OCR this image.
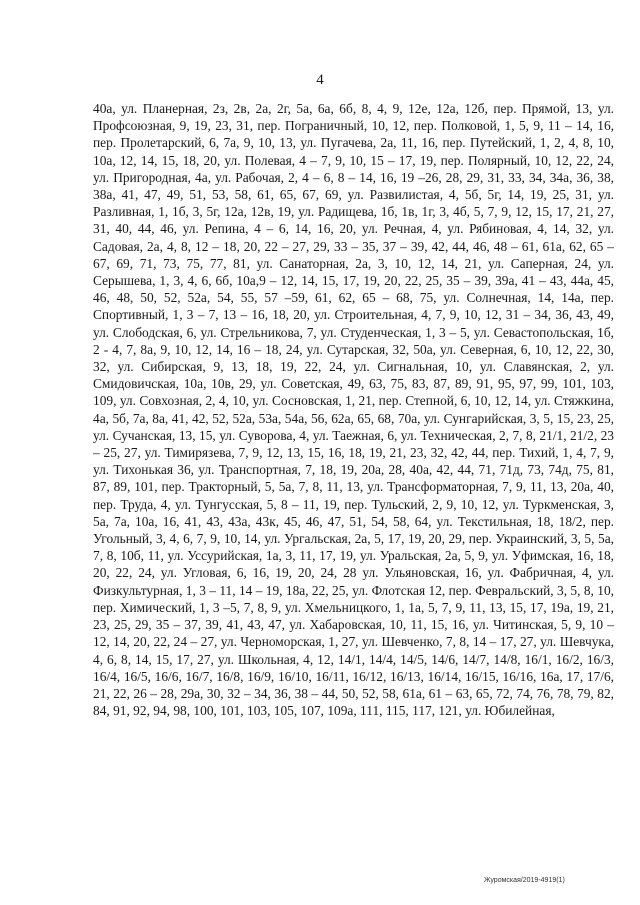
4

40а, ул. Планерная, 2з, 2в, 2а, 2г, 5а, 6а, 6б, 8, 4, 9, 12е, 12а, 12б, пер. Прямой, 13, ул. Профсоюзная, 9, 19, 23, 31, пер. Пограничный, 10, 12, пер. Полковой, 1, 5, 9, 11 – 14, 16, пер. Пролетарский, 6, 7а, 9, 10, 13, ул. Пугачева, 2а, 11, 16, пер. Путейский, 1, 2, 4, 8, 10, 10а, 12, 14, 15, 18, 20, ул. Полевая, 4 – 7, 9, 10, 15 – 17, 19, пер. Полярный, 10, 12, 22, 24, ул. Пригородная, 4а, ул. Рабочая, 2, 4 – 6, 8 – 14, 16, 19 –26, 28, 29, 31, 33, 34, 34а, 36, 38, 38а, 41, 47, 49, 51, 53, 58, 61, 65, 67, 69, ул. Развилистая, 4, 5б, 5г, 14, 19, 25, 31, ул. Разливная, 1, 1б, 3, 5г, 12а, 12в, 19, ул. Радищева, 1б, 1в, 1г, 3, 4б, 5, 7, 9, 12, 15, 17, 21, 27, 31, 40, 44, 46, ул. Репина, 4 – 6, 14, 16, 20, ул. Речная, 4, ул. Рябиновая, 4, 14, 32, ул. Садовая, 2а, 4, 8, 12 – 18, 20, 22 – 27, 29, 33 – 35, 37 – 39, 42, 44, 46, 48 – 61, 61а, 62, 65 – 67, 69, 71, 73, 75, 77, 81, ул. Санаторная, 2а, 3, 10, 12, 14, 21, ул. Саперная, 24, ул. Серышева, 1, 3, 4, 6, 6б, 10а,9 – 12, 14, 15, 17, 19, 20, 22, 25, 35 – 39, 39а, 41 – 43, 44а, 45, 46, 48, 50, 52, 52а, 54, 55, 57 –59, 61, 62, 65 – 68, 75, ул. Солнечная, 14, 14а, пер. Спортивный, 1, 3 – 7, 13 – 16, 18, 20, ул. Строительная, 4, 7, 9, 10, 12, 31 – 34, 36, 43, 49, ул. Слободская, 6, ул. Стрельникова, 7, ул. Студенческая, 1, 3 – 5, ул. Севастопольская, 1б, 2 - 4, 7, 8а, 9, 10, 12, 14, 16 – 18, 24, ул. Сутарская, 32, 50а, ул. Северная, 6, 10, 12, 22, 30, 32, ул. Сибирская, 9, 13, 18, 19, 22, 24, ул. Сигнальная, 10, ул. Славянская, 2, ул. Смидовичская, 10а, 10в, 29, ул. Советская, 49, 63, 75, 83, 87, 89, 91, 95, 97, 99, 101, 103, 109, ул. Совхозная, 2, 4, 10, ул. Сосновская, 1, 21, пер. Степной, 6, 10, 12, 14, ул. Стяжкина, 4а, 5б, 7а, 8а, 41, 42, 52, 52а, 53а, 54а, 56, 62а, 65, 68, 70а, ул. Сунгарийская, 3, 5, 15, 23, 25, ул. Сучанская, 13, 15, ул. Суворова, 4, ул. Таежная, 6, ул. Техническая, 2, 7, 8, 21/1, 21/2, 23 – 25, 27, ул. Тимирязева, 7, 9, 12, 13, 15, 16, 18, 19, 21, 23, 32, 42, 44, пер. Тихий, 1, 4, 7, 9, ул. Тихонькая 36, ул. Транспортная, 7, 18, 19, 20а, 28, 40а, 42, 44, 71, 71д, 73, 74д, 75, 81, 87, 89, 101, пер. Тракторный, 5, 5а, 7, 8, 11, 13, ул. Трансформаторная, 7, 9, 11, 13, 20а, 40, пер. Труда, 4, ул. Тунгусская, 5, 8 – 11, 19, пер. Тульский, 2, 9, 10, 12, ул. Туркменская, 3, 5а, 7а, 10а, 16, 41, 43, 43а, 43к, 45, 46, 47, 51, 54, 58, 64, ул. Текстильная, 18, 18/2, пер. Угольный, 3, 4, 6, 7, 9, 10, 14, ул. Ургальская, 2а, 5, 17, 19, 20, 29, пер. Украинский, 3, 5, 5а, 7, 8, 10б, 11, ул. Уссурийская, 1а, 3, 11, 17, 19, ул. Уральская, 2а, 5, 9, ул. Уфимская, 16, 18, 20, 22, 24, ул. Угловая, 6, 16, 19, 20, 24, 28 ул. Ульяновская, 16, ул. Фабричная, 4, ул. Физкультурная, 1, 3 – 11, 14 – 19, 18а, 22, 25, ул. Флотская 12, пер. Февральский, 3, 5, 8, 10, пер. Химический, 1, 3 –5, 7, 8, 9, ул. Хмельницкого, 1, 1а, 5, 7, 9, 11, 13, 15, 17, 19а, 19, 21, 23, 25, 29, 35 – 37, 39, 41, 43, 47, ул. Хабаровская, 10, 11, 15, 16, ул. Читинская, 5, 9, 10 – 12, 14, 20, 22, 24 – 27, ул. Черноморская, 1, 27, ул. Шевченко, 7, 8, 14 – 17, 27, ул. Шевчука, 4, 6, 8, 14, 15, 17, 27, ул. Школьная, 4, 12, 14/1, 14/4, 14/5, 14/6, 14/7, 14/8, 16/1, 16/2, 16/3, 16/4, 16/5, 16/6, 16/7, 16/8, 16/9, 16/10, 16/11, 16/12, 16/13, 16/14, 16/15, 16/16, 16а, 17, 17/6, 21, 22, 26 – 28, 29а, 30, 32 – 34, 36, 38 – 44, 50, 52, 58, 61а, 61 – 63, 65, 72, 74, 76, 78, 79, 82, 84, 91, 92, 94, 98, 100, 101, 103, 105, 107, 109а, 111, 115, 117, 121, ул. Юбилейная,

Журомская/2019-4919(1)
